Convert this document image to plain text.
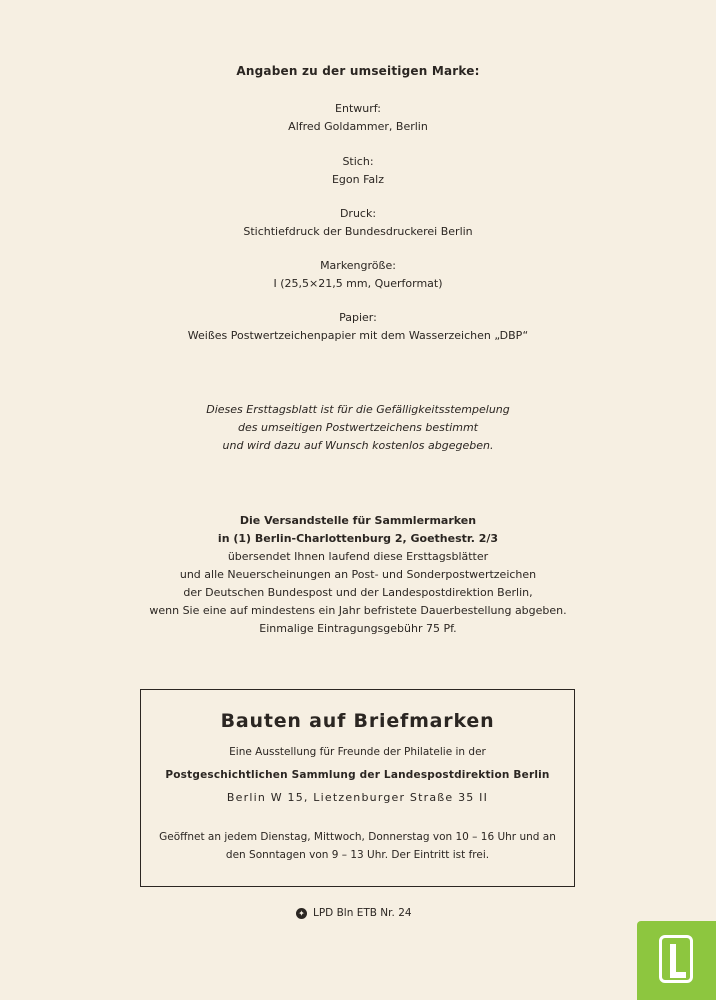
Angaben zu der umseitigen Marke:
Entwurf:
Alfred Goldammer, Berlin
Stich:
Egon Falz
Druck:
Stichtiefdruck der Bundesdruckerei Berlin
Markengröße:
I (25,5×21,5 mm, Querformat)
Papier:
Weißes Postwertzeichenpapier mit dem Wasserzeichen „DBP“
Dieses Ersttagsblatt ist für die Gefälligkeitsstempelung
des umseitigen Postwertzeichens bestimmt
und wird dazu auf Wunsch kostenlos abgegeben.
Die Versandstelle für Sammlermarken
in (1) Berlin-Charlottenburg 2, Goethestr. 2/3
übersendet Ihnen laufend diese Ersttagsblätter
und alle Neuerscheinungen an Post- und Sonderpostwertzeichen
der Deutschen Bundespost und der Landespostdirektion Berlin,
wenn Sie eine auf mindestens ein Jahr befristete Dauerbestellung abgeben.
Einmalige Eintragungsgebühr 75 Pf.
Bauten auf Briefmarken
Eine Ausstellung für Freunde der Philatelie in der
Postgeschichtlichen Sammlung der Landespostdirektion Berlin
Berlin W 15, Lietzenburger Straße 35 II
Geöffnet an jedem Dienstag, Mittwoch, Donnerstag von 10 – 16 Uhr und an
den Sonntagen von 9 – 13 Uhr. Der Eintritt ist frei.
✦ LPD Bln ETB Nr. 24
